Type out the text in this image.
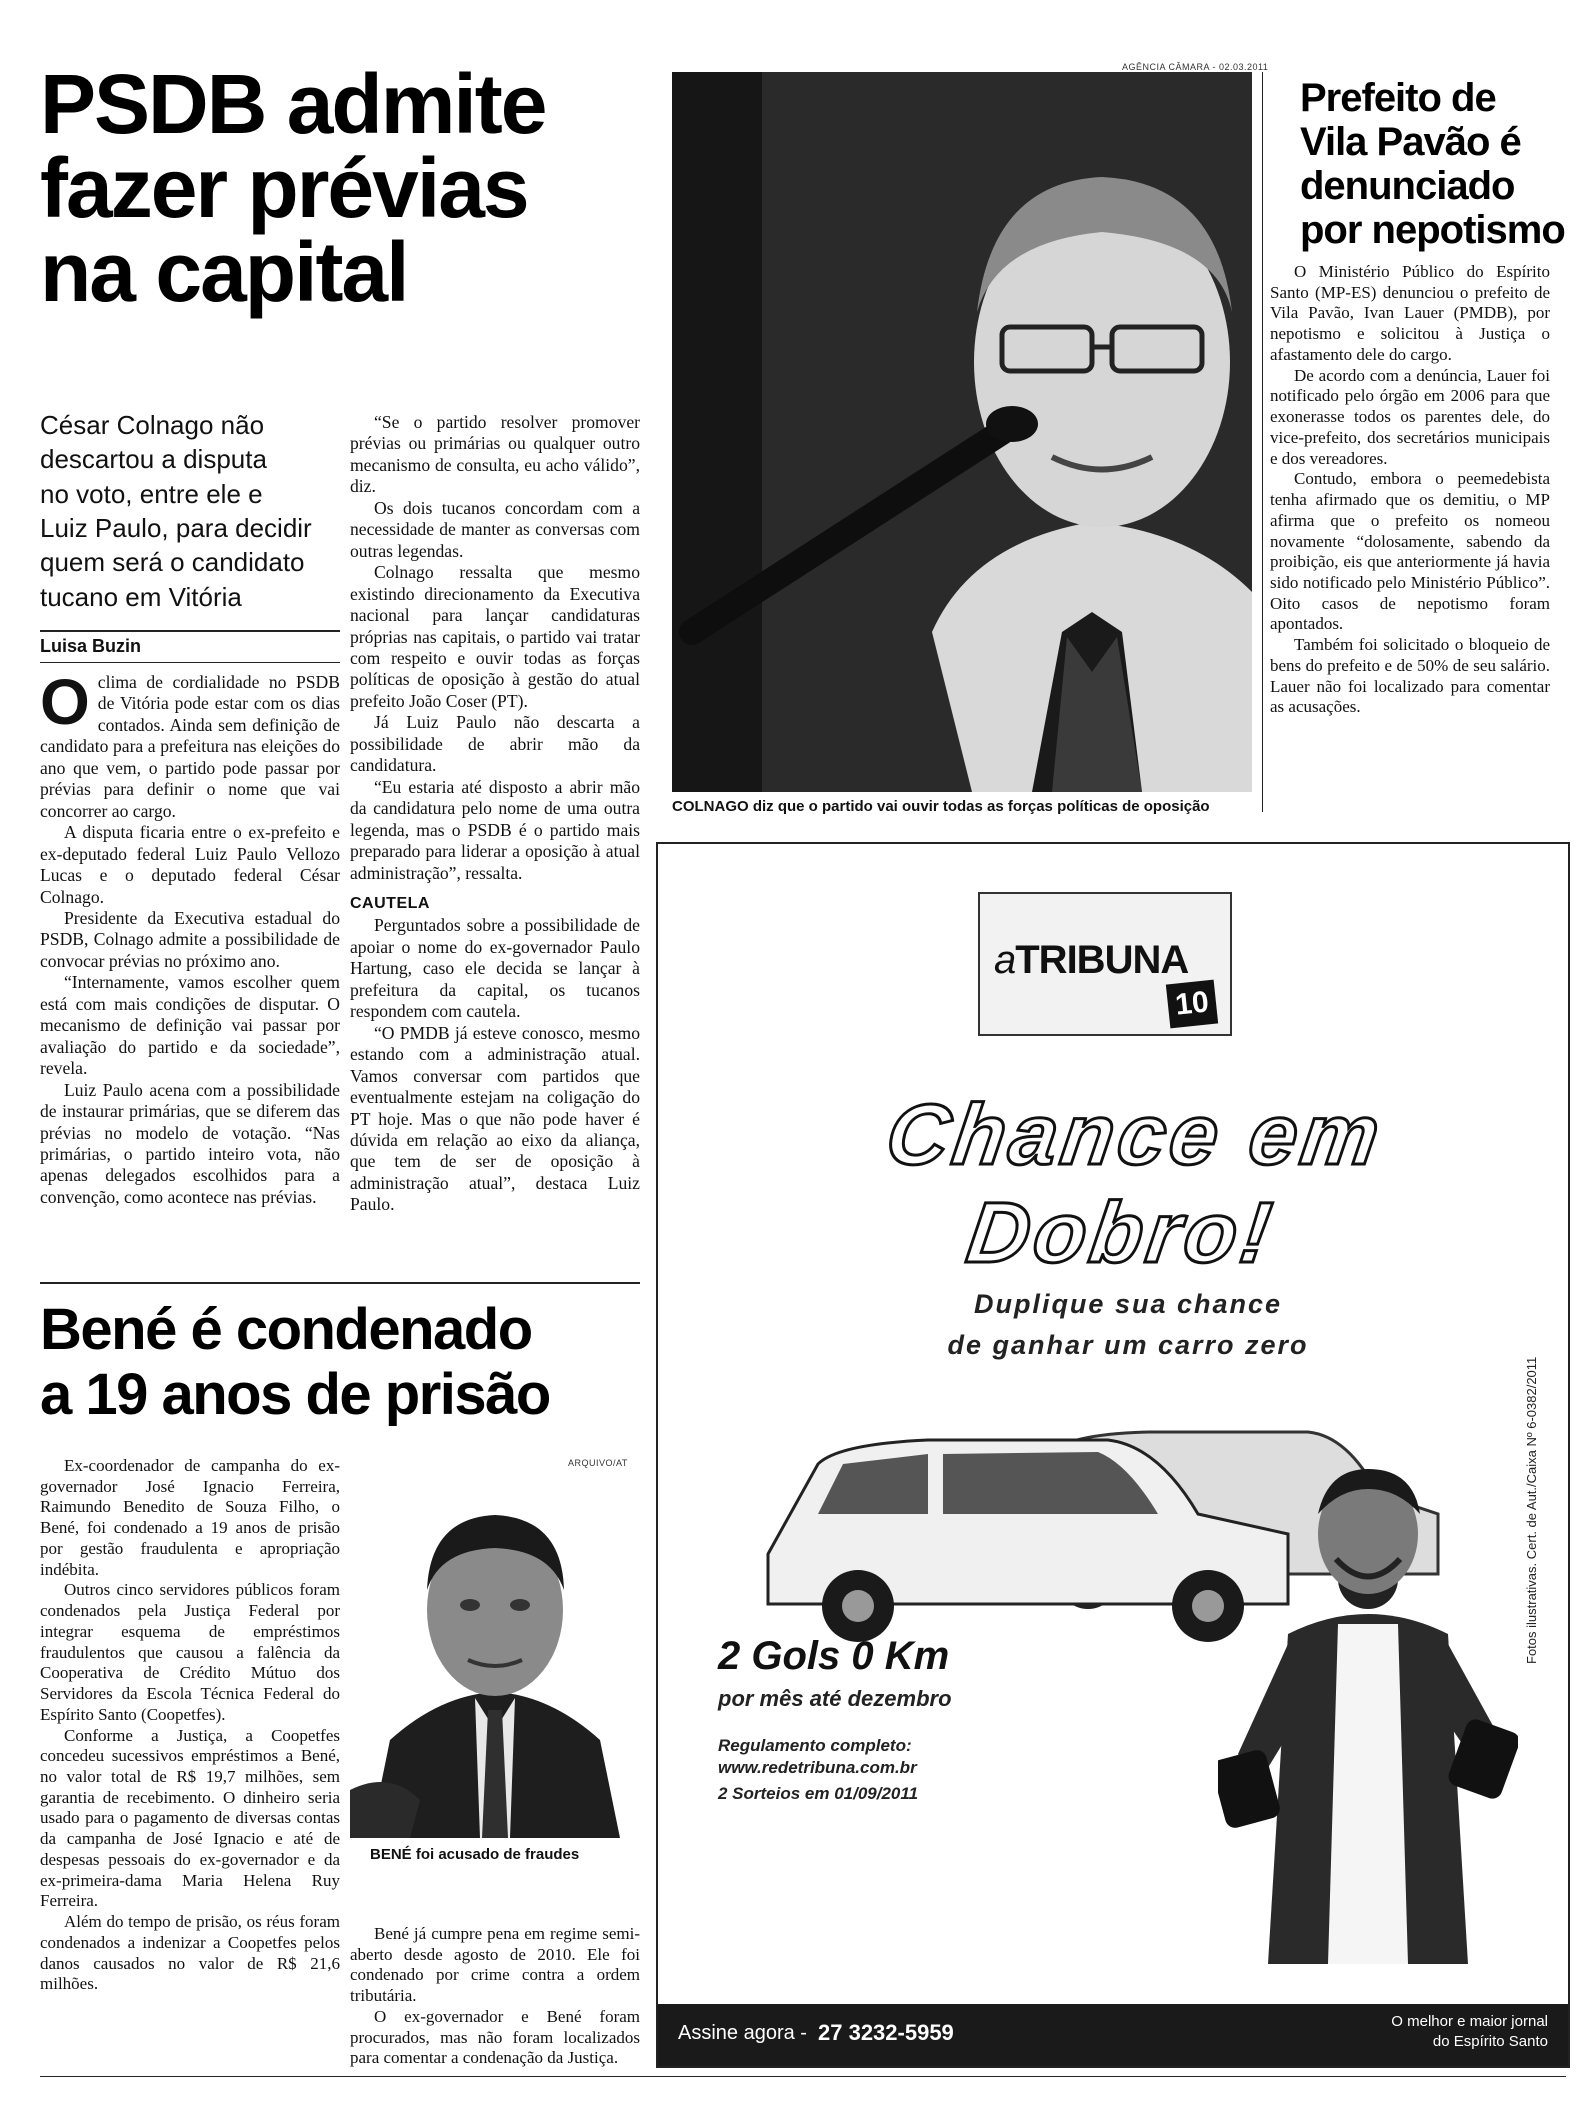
PSDB admite
fazer prévias
na capital
César Colnago não
descartou a disputa
no voto, entre ele e
Luiz Paulo, para decidir
quem será o candidato
tucano em Vitória
Luisa Buzin
O clima de cordialidade no PSDB de Vitória pode estar com os dias contados. Ainda sem definição de candidato para a prefeitura nas eleições do ano que vem, o partido pode passar por prévias para definir o nome que vai concorrer ao cargo.

A disputa ficaria entre o ex-prefeito e ex-deputado federal Luiz Paulo Vellozo Lucas e o deputado federal César Colnago.

Presidente da Executiva estadual do PSDB, Colnago admite a possibilidade de convocar prévias no próximo ano.

“Internamente, vamos escolher quem está com mais condições de disputar. O mecanismo de definição vai passar por avaliação do partido e da sociedade”, revela.

Luiz Paulo acena com a possibilidade de instaurar primárias, que se diferem das prévias no modelo de votação. “Nas primárias, o partido inteiro vota, não apenas delegados escolhidos para a convenção, como acontece nas prévias.

“Se o partido resolver promover prévias ou primárias ou qualquer outro mecanismo de consulta, eu acho válido”, diz.

Os dois tucanos concordam com a necessidade de manter as conversas com outras legendas.

Colnago ressalta que mesmo existindo direcionamento da Executiva nacional para lançar candidaturas próprias nas capitais, o partido vai tratar com respeito e ouvir todas as forças políticas de oposição à gestão do atual prefeito João Coser (PT).

Já Luiz Paulo não descarta a possibilidade de abrir mão da candidatura.

“Eu estaria até disposto a abrir mão da candidatura pelo nome de uma outra legenda, mas o PSDB é o partido mais preparado para liderar a oposição à atual administração”, ressalta.

CAUTELA

Perguntados sobre a possibilidade de apoiar o nome do ex-governador Paulo Hartung, caso ele decida se lançar à prefeitura da capital, os tucanos respondem com cautela.

“O PMDB já esteve conosco, mesmo estando com a administração atual. Vamos conversar com partidos que eventualmente estejam na coligação do PT hoje. Mas o que não pode haver é dúvida em relação ao eixo da aliança, que tem de ser de oposição à administração atual”, destaca Luiz Paulo.

AGÊNCIA CÂMARA - 02.03.2011
COLNAGO diz que o partido vai ouvir todas as forças políticas de oposição
Prefeito de
Vila Pavão é
denunciado
por nepotismo

O Ministério Público do Espírito Santo (MP-ES) denunciou o prefeito de Vila Pavão, Ivan Lauer (PMDB), por nepotismo e solicitou à Justiça o afastamento dele do cargo.

De acordo com a denúncia, Lauer foi notificado pelo órgão em 2006 para que exonerasse todos os parentes dele, do vice-prefeito, dos secretários municipais e dos vereadores.

Contudo, embora o peemedebista tenha afirmado que os demitiu, o MP afirma que o prefeito os nomeou novamente “dolosamente, sabendo da proibição, eis que anteriormente já havia sido notificado pelo Ministério Público”. Oito casos de nepotismo foram apontados.

Também foi solicitado o bloqueio de bens do prefeito e de 50% de seu salário. Lauer não foi localizado para comentar as acusações.

Bené é condenado
a 19 anos de prisão

Ex-coordenador de campanha do ex-governador José Ignacio Ferreira, Raimundo Benedito de Souza Filho, o Bené, foi condenado a 19 anos de prisão por gestão fraudulenta e apropriação indébita.

Outros cinco servidores públicos foram condenados pela Justiça Federal por integrar esquema de empréstimos fraudulentos que causou a falência da Cooperativa de Crédito Mútuo dos Servidores da Escola Técnica Federal do Espírito Santo (Coopetfes).

Conforme a Justiça, a Coopetfes concedeu sucessivos empréstimos a Bené, no valor total de R$ 19,7 milhões, sem garantia de recebimento. O dinheiro seria usado para o pagamento de diversas contas da campanha de José Ignacio e até de despesas pessoais do ex-governador e da ex-primeira-dama Maria Helena Ruy Ferreira.

Além do tempo de prisão, os réus foram condenados a indenizar a Coopetfes pelos danos causados no valor de R$ 21,6 milhões.

ARQUIVO/AT
BENÉ foi acusado de fraudes

Bené já cumpre pena em regime semi-aberto desde agosto de 2010. Ele foi condenado por crime contra a ordem tributária.

O ex-governador e Bené foram procurados, mas não foram localizados para comentar a condenação da Justiça.

aTRIBUNA
10
Chance em
Dobro!
Duplique sua chance
de ganhar um carro zero
2 Gols 0 Km
por mês até dezembro
Regulamento completo:
www.redetribuna.com.br
2 Sorteios em 01/09/2011
Fotos ilustrativas. Cert. de Aut./Caixa Nº 6-0382/2011
Assine agora - 27 3232-5959	O melhor e maior jornal
do Espírito Santo
